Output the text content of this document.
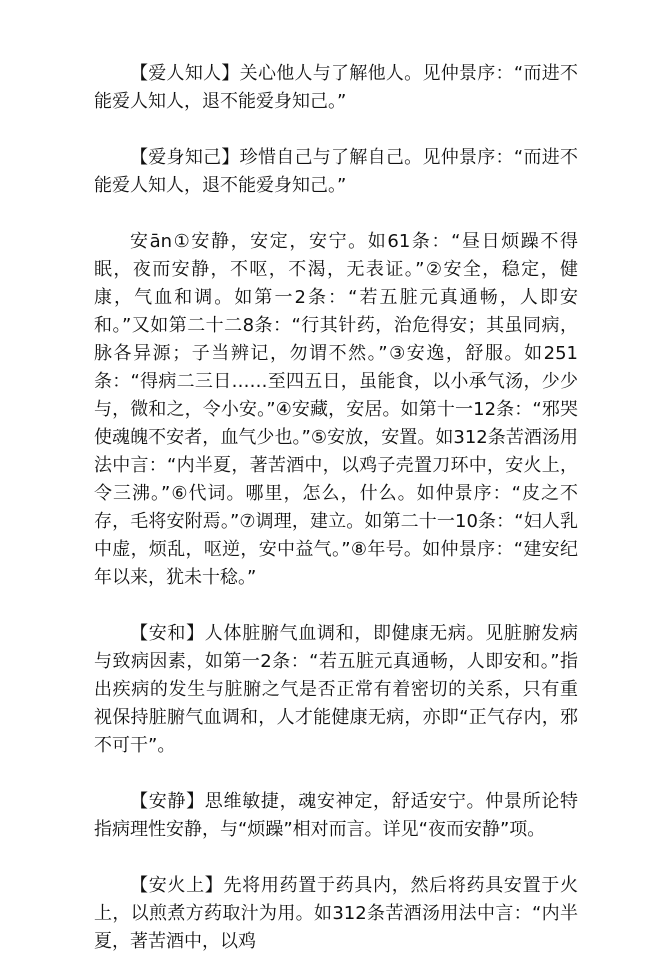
【爱人知人】关心他人与了解他人。见仲景序：“而进不能爱人知人，退不能爱身知己。”

【爱身知己】珍惜自己与了解自己。见仲景序：“而进不能爱人知人，退不能爱身知己。”

安ān①安静，安定，安宁。如61条：“昼日烦躁不得眠，夜而安静，不呕，不渴，无表证。”②安全，稳定，健康，气血和调。如第一2条：“若五脏元真通畅，人即安和。”又如第二十二8条：“行其针药，治危得安；其虽同病，脉各异源；子当辨记，勿谓不然。”③安逸，舒服。如251条：“得病二三日……至四五日，虽能食，以小承气汤，少少与，微和之，令小安。”④安藏，安居。如第十一12条：“邪哭使魂魄不安者，血气少也。”⑤安放，安置。如312条苦酒汤用法中言：“内半夏，著苦酒中，以鸡子壳置刀环中，安火上，令三沸。”⑥代词。哪里，怎么，什么。如仲景序：“皮之不存，毛将安附焉。”⑦调理，建立。如第二十一10条：“妇人乳中虚，烦乱，呕逆，安中益气。”⑧年号。如仲景序：“建安纪年以来，犹未十稔。”

【安和】人体脏腑气血调和，即健康无病。见脏腑发病与致病因素，如第一2条：“若五脏元真通畅，人即安和。”指出疾病的发生与脏腑之气是否正常有着密切的关系，只有重视保持脏腑气血调和，人才能健康无病，亦即“正气存内，邪不可干”。

【安静】思维敏捷，魂安神定，舒适安宁。仲景所论特指病理性安静，与“烦躁”相对而言。详见“夜而安静”项。

【安火上】先将用药置于药具内，然后将药具安置于火上，以煎煮方药取汁为用。如312条苦酒汤用法中言：“内半夏，著苦酒中，以鸡
